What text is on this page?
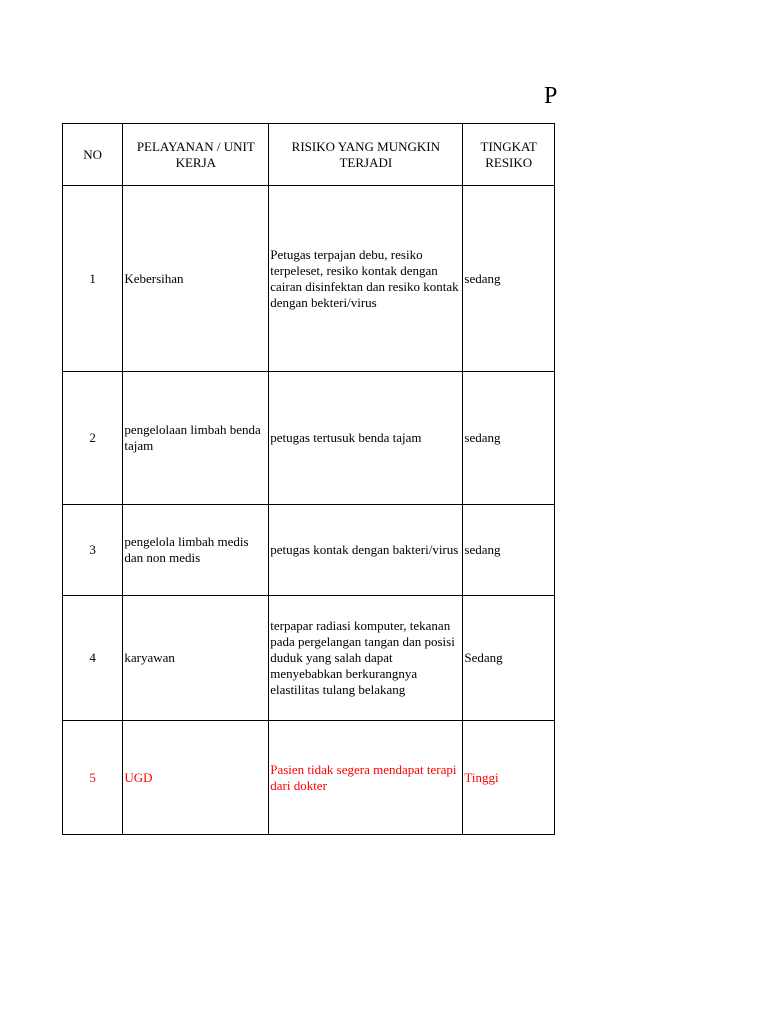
P
NO	PELAYANAN / UNIT KERJA	RISIKO YANG MUNGKIN TERJADI	TINGKAT RESIKO
1	Kebersihan	Petugas terpajan debu, resiko terpeleset, resiko kontak dengan cairan disinfektan dan resiko kontak dengan bekteri/virus	sedang
2	pengelolaan limbah benda tajam	petugas tertusuk benda tajam	sedang
3	pengelola limbah medis dan non medis	petugas kontak dengan bakteri/virus	sedang
4	karyawan	terpapar radiasi komputer, tekanan pada pergelangan tangan dan posisi duduk yang salah dapat menyebabkan berkurangnya elastilitas tulang belakang	Sedang
5	UGD	Pasien tidak segera mendapat terapi dari dokter	Tinggi
